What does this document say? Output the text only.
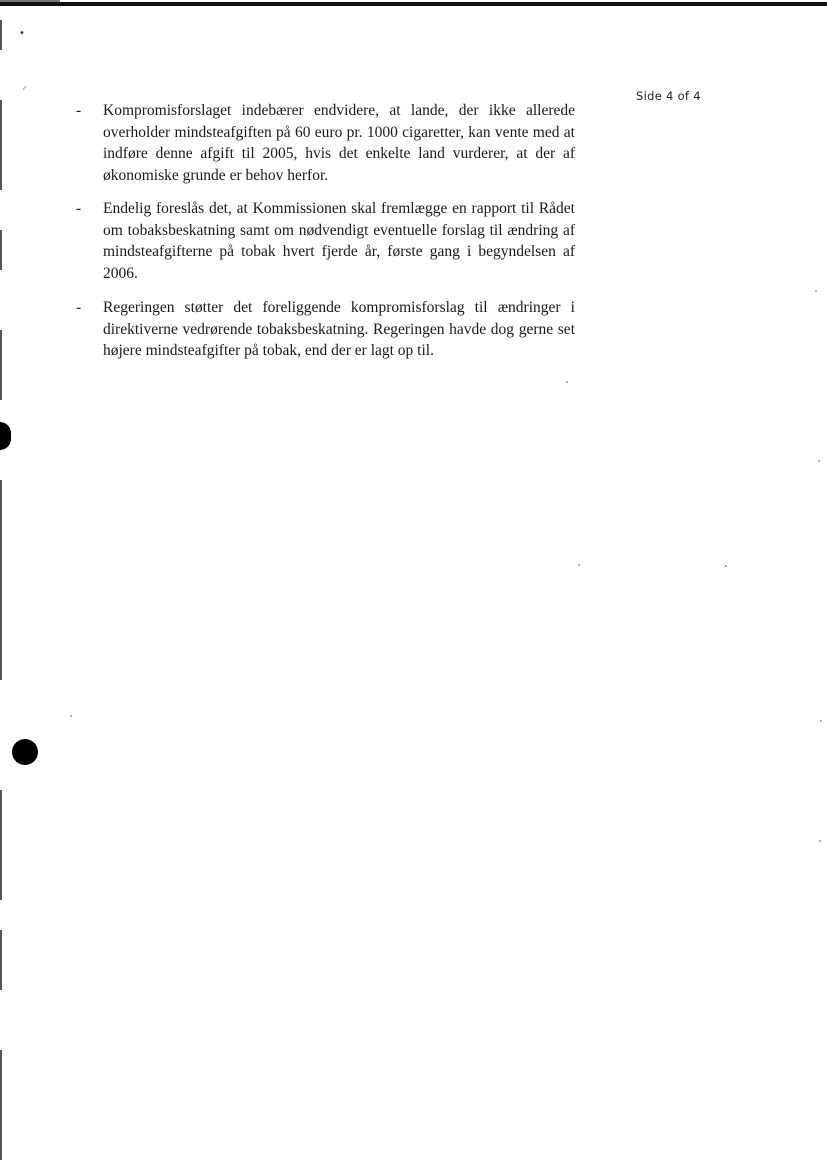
•
⸝
Side 4 of 4
- Kompromisforslaget indebærer endvidere, at lande, der ikke allerede overholder mindsteafgiften på 60 euro pr. 1000 cigaretter, kan vente med at indføre denne afgift til 2005, hvis det enkelte land vurderer, at der af økonomiske grunde er behov herfor.

- Endelig foreslås det, at Kommissionen skal fremlægge en rapport til Rådet om tobaksbeskatning samt om nødvendigt eventuelle forslag til ændring af mindsteafgifterne på tobak hvert fjerde år, første gang i begyndelsen af 2006.

- Regeringen støtter det foreliggende kompromisforslag til ændringer i direktiverne vedrørende tobaksbeskatning. Regeringen havde dog gerne set højere mindsteafgifter på tobak, end der er lagt op til.
